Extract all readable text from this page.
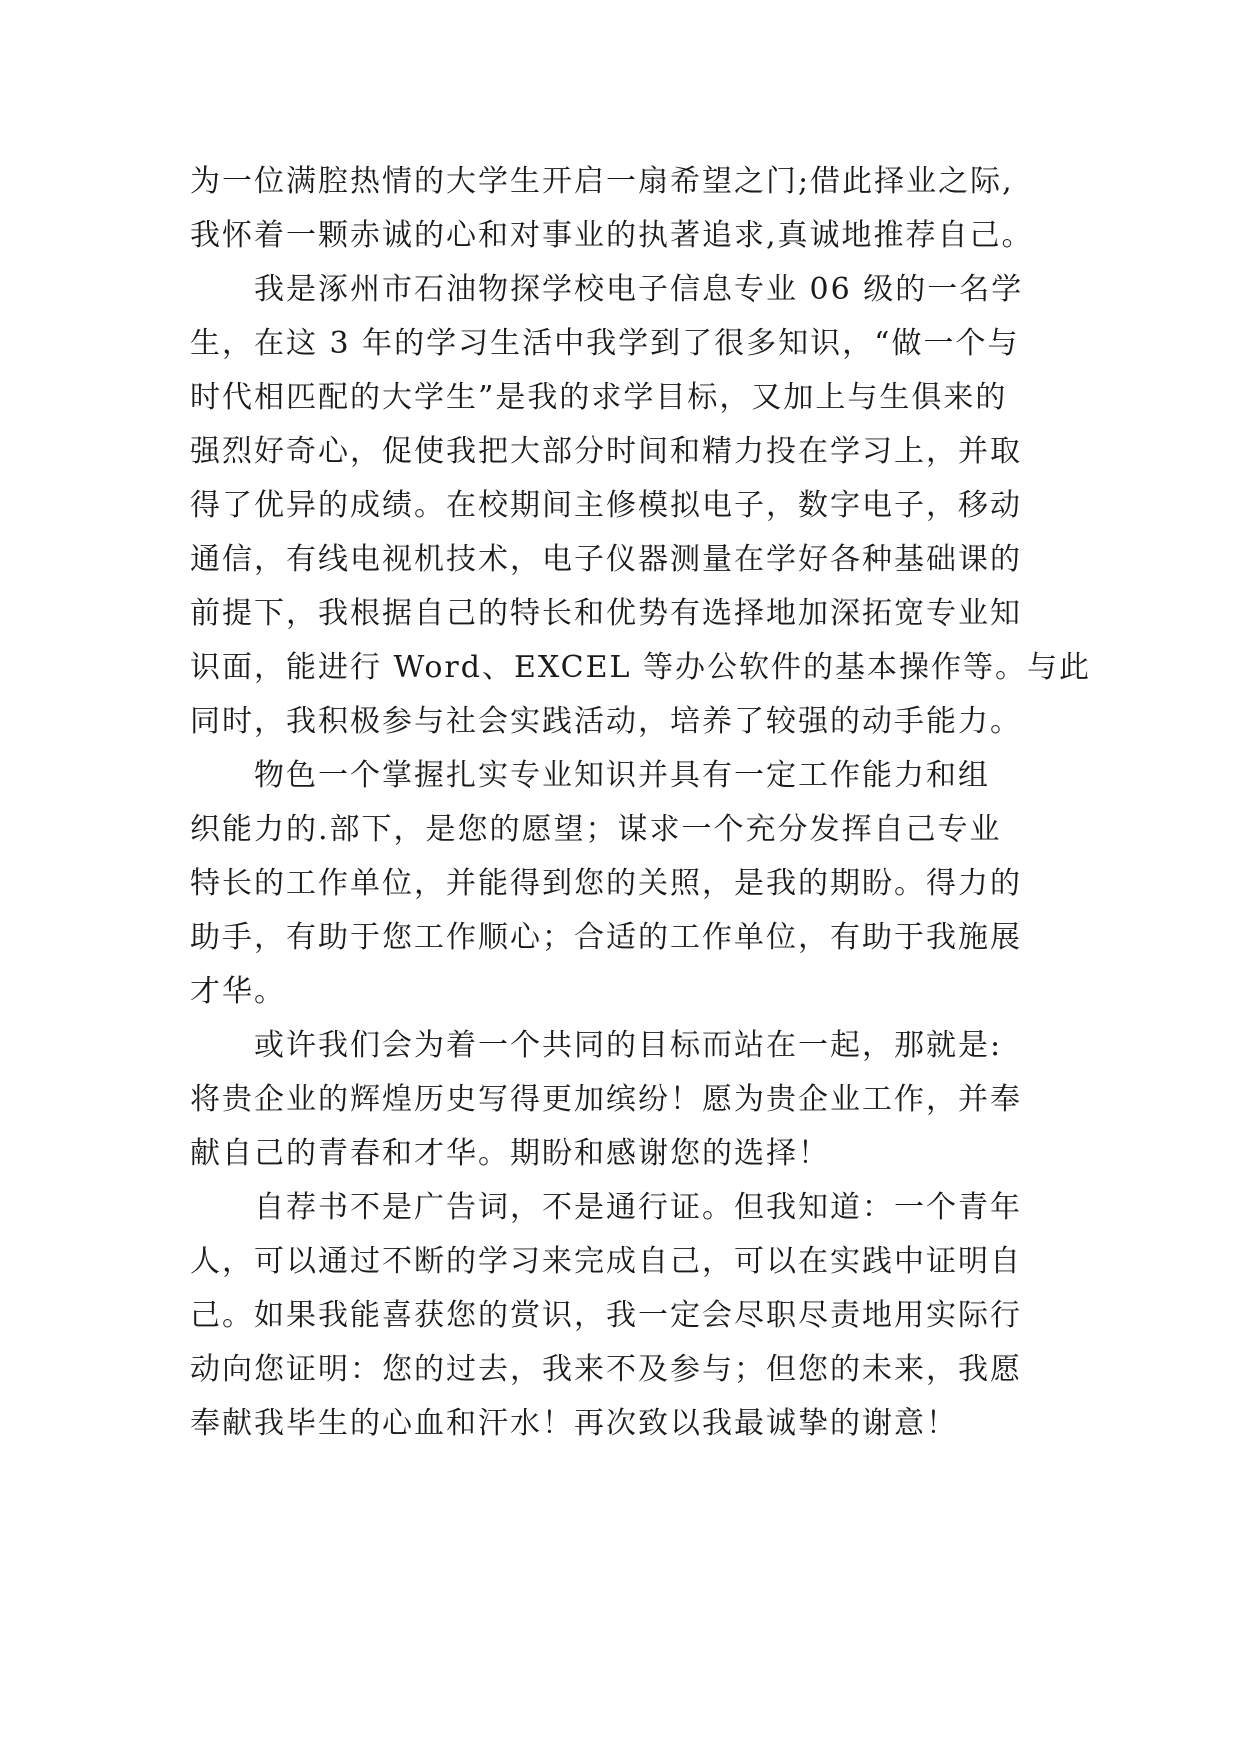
为一位满腔热情的大学生开启一扇希望之门;借此择业之际,
我怀着一颗赤诚的心和对事业的执著追求,真诚地推荐自己。
我是涿州市石油物探学校电子信息专业 06 级的一名学
生，在这 3 年的学习生活中我学到了很多知识，“做一个与
时代相匹配的大学生”是我的求学目标，又加上与生俱来的
强烈好奇心，促使我把大部分时间和精力投在学习上，并取
得了优异的成绩。在校期间主修模拟电子，数字电子，移动
通信，有线电视机技术，电子仪器测量在学好各种基础课的
前提下，我根据自己的特长和优势有选择地加深拓宽专业知
识面，能进行 Word、EXCEL 等办公软件的基本操作等。与此
同时，我积极参与社会实践活动，培养了较强的动手能力。
物色一个掌握扎实专业知识并具有一定工作能力和组
织能力的.部下，是您的愿望；谋求一个充分发挥自己专业
特长的工作单位，并能得到您的关照，是我的期盼。得力的
助手，有助于您工作顺心；合适的工作单位，有助于我施展
才华。
或许我们会为着一个共同的目标而站在一起，那就是:
将贵企业的辉煌历史写得更加缤纷！愿为贵企业工作，并奉
献自己的青春和才华。期盼和感谢您的选择！
自荐书不是广告词，不是通行证。但我知道：一个青年
人，可以通过不断的学习来完成自己，可以在实践中证明自
己。如果我能喜获您的赏识，我一定会尽职尽责地用实际行
动向您证明：您的过去，我来不及参与；但您的未来，我愿
奉献我毕生的心血和汗水！再次致以我最诚挚的谢意！
